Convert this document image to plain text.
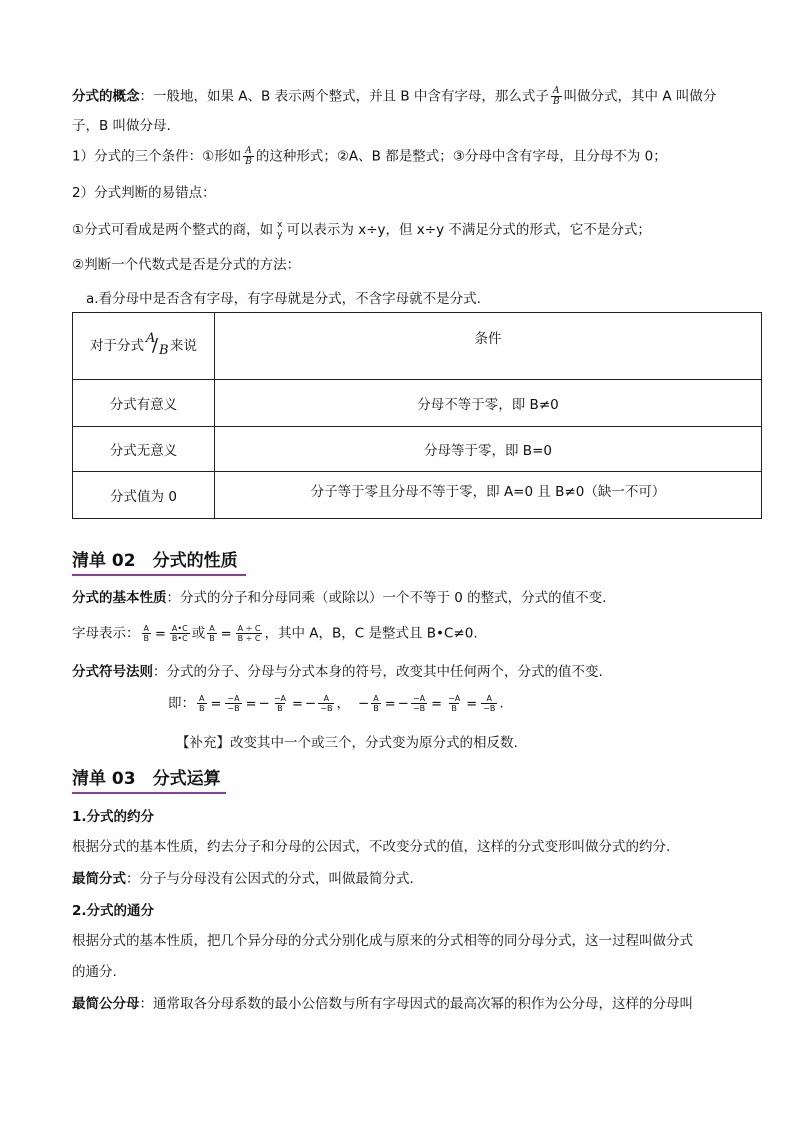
分式的概念：一般地，如果 A、B 表示两个整式，并且 B 中含有字母，那么式子 $\frac{A}{B}$ 叫做分式，其中 A 叫做分
子，B 叫做分母.
1）分式的三个条件：①形如 $\frac{A}{B}$ 的这种形式；②A、B 都是整式；③分母中含有字母，且分母不为 0；
2）分式判断的易错点：
①分式可看成是两个整式的商，如 x
y 可以表示为 x÷y，但 x÷y 不满足分式的形式，它不是分式；
②判断一个代数式是否是分式的方法：
a.看分母中是否含有字母，有字母就是分式，不含字母就不是分式.
对于分式 A
/ B 来说	条件
分式有意义	分母不等于零，即 B≠0
分式无意义	分母等于零，即 B=0
分式值为 0	分子等于零且分母不等于零，即 A=0 且 B≠0（缺一不可）
清单 02　分式的性质
分式的基本性质：分式的分子和分母同乘（或除以）一个不等于 0 的整式，分式的值不变.
字母表示： $\frac{A}{B} = \frac{A•C}{B•C}$ 或 $\frac{A}{B} = \frac{A \div C}{B \div C}$ ，其中 A，B，C 是整式且 B•C≠0.
分式符号法则：分式的分子、分母与分式本身的符号，改变其中任何两个，分式的值不变.
即： $\frac{A}{B} = \frac{-A}{-B}$ = − $\frac{-A}{B}$ = − $\frac{A}{-B}$ ， − $\frac{A}{B}$ = − $\frac{-A}{-B} = \frac{-A}{B} = \frac{A}{-B}$ .
【补充】改变其中一个或三个，分式变为原分式的相反数.
清单 03　分式运算
1.分式的约分
根据分式的基本性质，约去分子和分母的公因式，不改变分式的值，这样的分式变形叫做分式的约分.
最简分式：分子与分母没有公因式的分式，叫做最简分式.
2.分式的通分
根据分式的基本性质，把几个异分母的分式分别化成与原来的分式相等的同分母分式，这一过程叫做分式
的通分.
最简公分母：通常取各分母系数的最小公倍数与所有字母因式的最高次幂的积作为公分母，这样的分母叫
